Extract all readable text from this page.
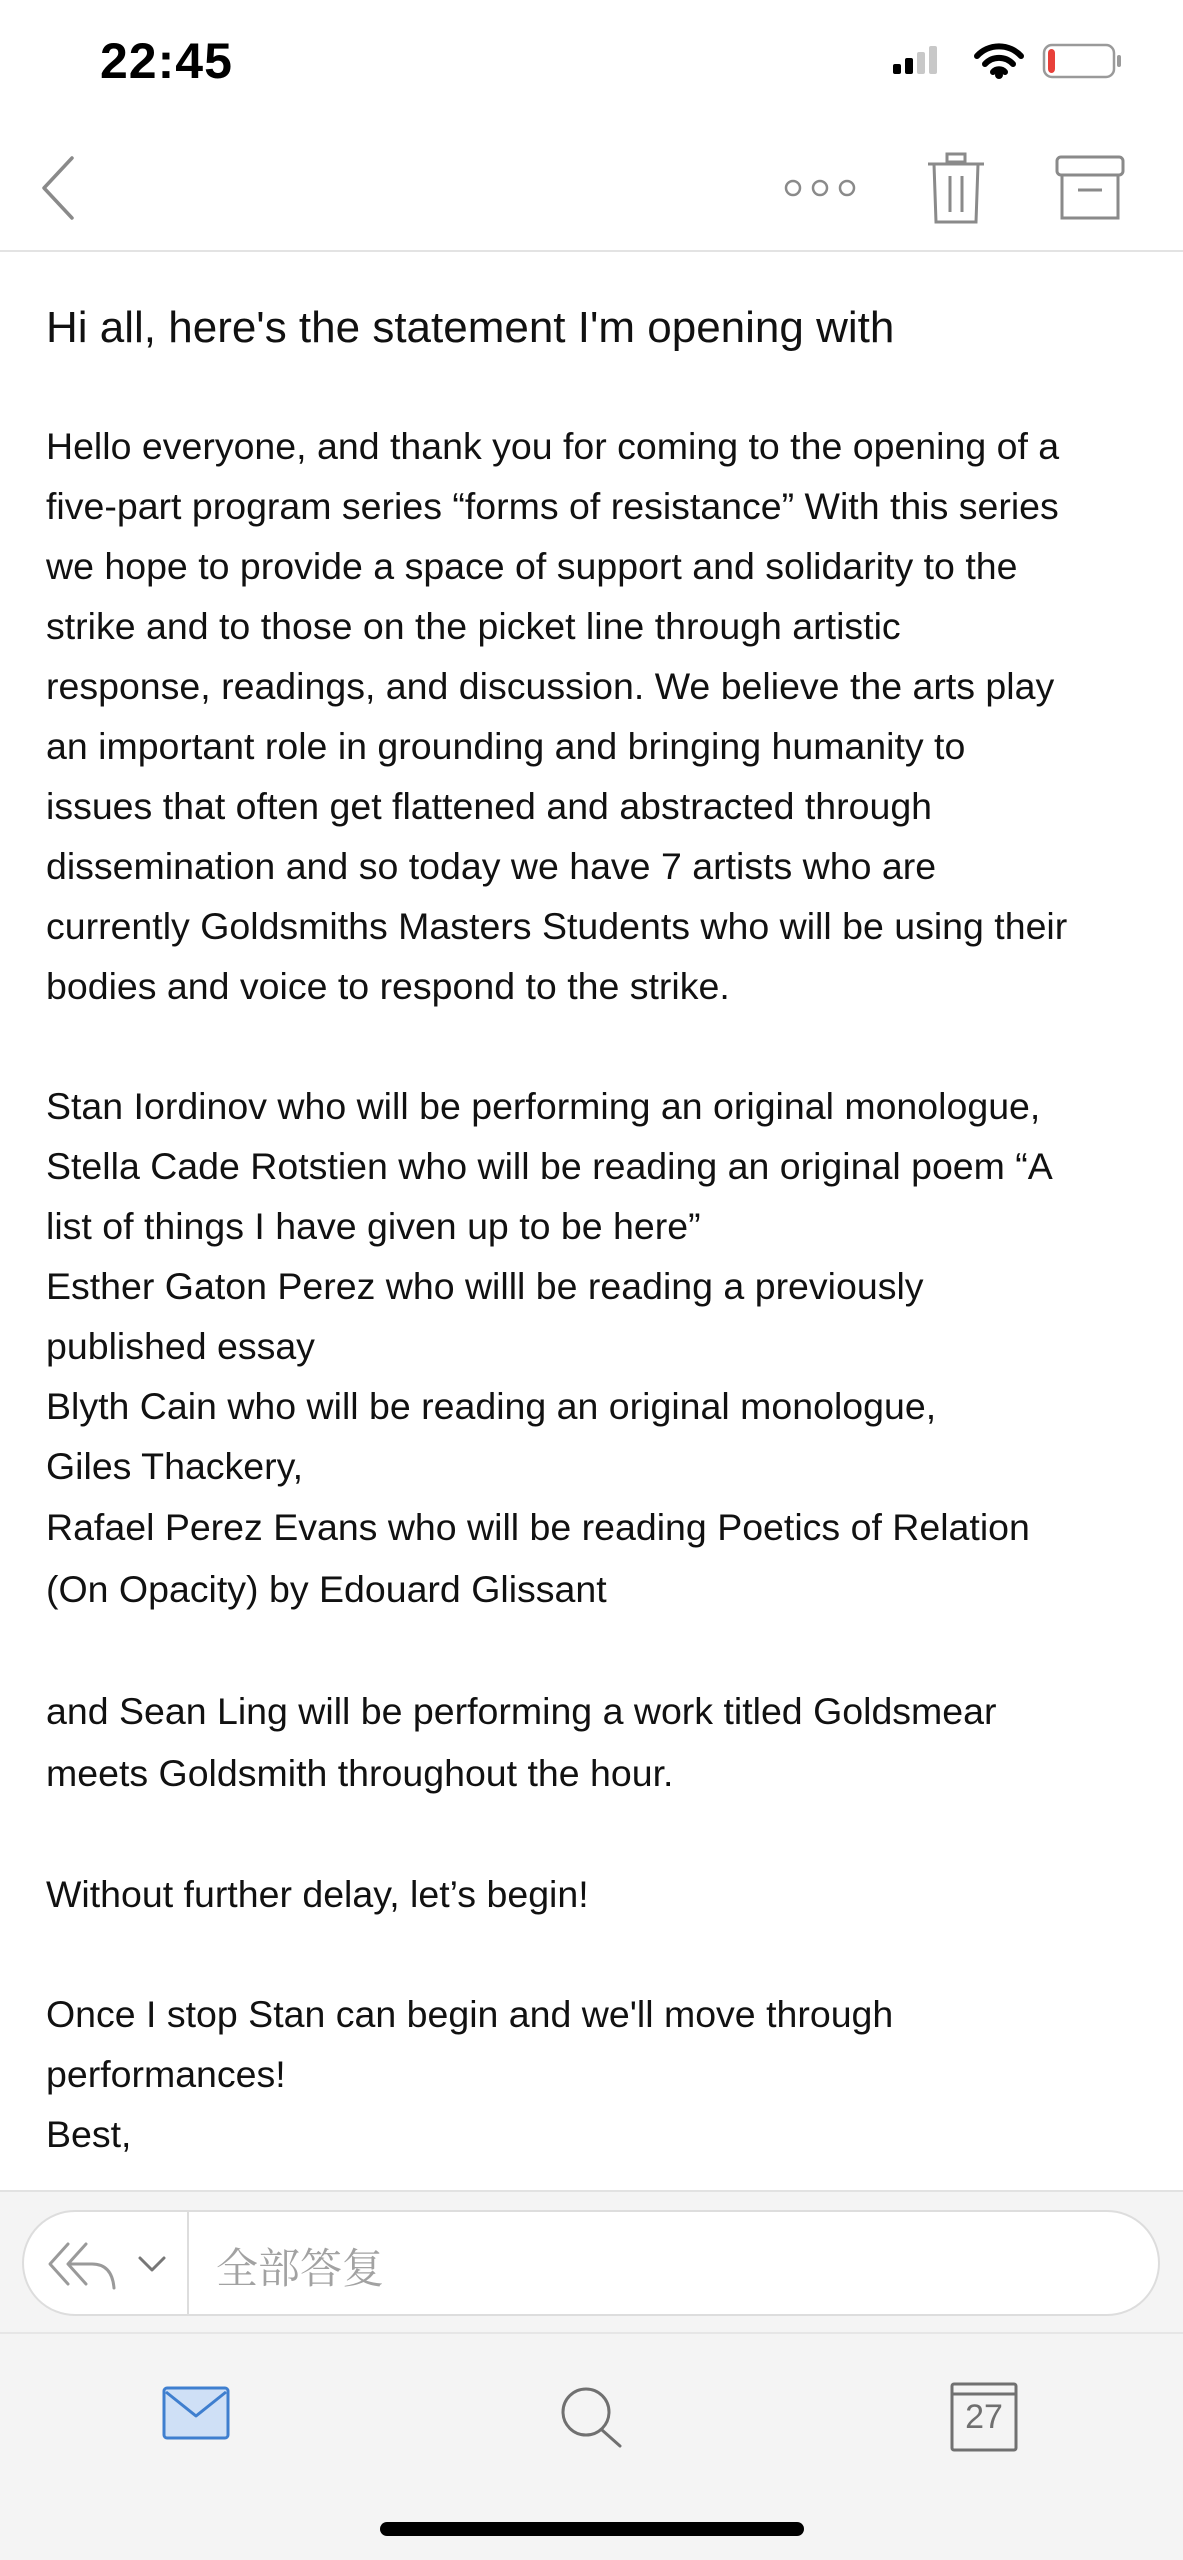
22:45
Hi all, here's the statement I'm opening with

Hello everyone, and thank you for coming to the opening of a

five-part program series “forms of resistance” With this series

we hope to provide a space of support and solidarity to the

strike and to those on the picket line through artistic

response, readings, and discussion. We believe the arts play

an important role in grounding and bringing humanity to

issues that often get flattened and abstracted through

dissemination and so today we have 7 artists who are

currently Goldsmiths Masters Students who will be using their

bodies and voice to respond to the strike.

Stan Iordinov who will be performing an original monologue,

Stella Cade Rotstien who will be reading an original poem “A

list of things I have given up to be here”

Esther Gaton Perez who willl be reading a previously

published essay

Blyth Cain who will be reading an original monologue,

Giles Thackery,

Rafael Perez Evans who will be reading Poetics of Relation

(On Opacity) by Edouard Glissant

and Sean Ling will be performing a work titled Goldsmear

meets Goldsmith throughout the hour.

Without further delay, let’s begin!

Once I stop Stan can begin and we'll move through

performances!

Best,

全部答复
27
